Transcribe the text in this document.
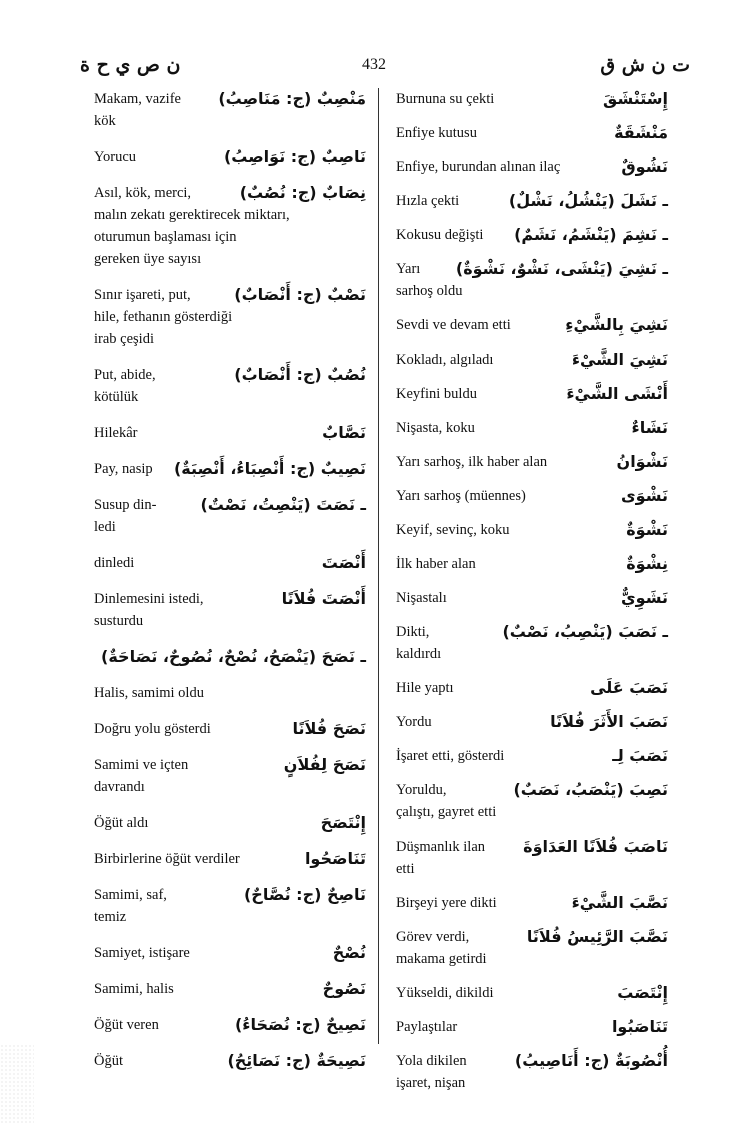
ن ص ي ح ة	432	ت ن ش ق
مَنْصِبٌ (ج: مَنَاصِبُ)
Makam, vazife
kök
نَاصِبٌ (ج: نَوَاصِبُ)
Yorucu
نِصَابٌ (ج: نُصُبٌ)
Asıl, kök, merci,
malın zekatı gerektirecek miktarı,
oturumun başlaması için
gereken üye sayısı
نَصْبٌ (ج: أَنْصَابٌ)
Sınır işareti, put,
hile, fethanın gösterdiği
irab çeşidi
نُصُبٌ (ج: أَنْصَابٌ)
Put, abide,
kötülük
نَصَّابٌ
Hilekâr
نَصِيبٌ (ج: أَنْصِبَاءُ، أَنْصِبَةٌ)
Pay, nasip
ـ نَصَتَ (يَنْصِتُ، نَصْتٌ)
Susup din-
ledi
أَنْصَتَ
dinledi
أَنْصَتَ فُلاَنًا
Dinlemesini istedi,
susturdu
ـ نَصَحَ (يَنْصَحُ، نُصْحٌ، نُصُوحٌ، نَصَاحَةٌ)
Halis, samimi oldu
نَصَحَ فُلاَنًا
Doğru yolu gösterdi
نَصَحَ لِفُلاَنٍ
Samimi ve içten
davrandı
إِنْتَصَحَ
Öğüt aldı
تَنَاصَحُوا
Birbirlerine öğüt verdiler
نَاصِحٌ (ج: نُصَّاحٌ)
Samimi, saf,
temiz
نُصْحٌ
Samiyet, istişare
نَصُوحٌ
Samimi, halis
نَصِيحٌ (ج: نُصَحَاءُ)
Öğüt veren
نَصِيحَةٌ (ج: نَصَائِحُ)
Öğüt
إِسْتَنْشَقَ
Burnuna su çekti
مَنْشَقَةٌ
Enfiye kutusu
نَشُوقٌ
Enfiye, burundan alınan ilaç
ـ نَشَلَ (يَنْشُلُ، نَشْلٌ)
Hızla çekti
ـ نَشِمَ (يَنْشَمُ، نَشَمٌ)
Kokusu değişti
ـ نَشِيَ (يَنْشَى، نَشْوٌ، نَشْوَةٌ)
Yarı
sarhoş oldu
نَشِيَ بِالشَّيْءِ
Sevdi ve devam etti
نَشِيَ الشَّيْءَ
Kokladı, algıladı
أَنْشَى الشَّيْءَ
Keyfini buldu
نَشَاءٌ
Nişasta, koku
نَشْوَانُ
Yarı sarhoş, ilk haber alan
نَشْوَى
Yarı sarhoş (müennes)
نَشْوَةٌ
Keyif, sevinç, koku
نِشْوَةٌ
İlk haber alan
نَشَوِيٌّ
Nişastalı
ـ نَصَبَ (يَنْصِبُ، نَصْبٌ)
Dikti,
kaldırdı
نَصَبَ عَلَى
Hile yaptı
نَصَبَ الأَثَرَ فُلاَنًا
Yordu
نَصَبَ لِـ
İşaret etti, gösterdi
نَصِبَ (يَنْصَبُ، نَصَبٌ)
Yoruldu,
çalıştı, gayret etti
نَاصَبَ فُلاَنًا العَدَاوَةَ
Düşmanlık ilan
etti
نَصَّبَ الشَّيْءَ
Birşeyi yere dikti
نَصَّبَ الرَّئِيسُ فُلاَنًا
Görev verdi,
makama getirdi
إِنْتَصَبَ
Yükseldi, dikildi
تَنَاصَبُوا
Paylaştılar
أُنْصُوبَةٌ (ج: أَنَاصِيبُ)
Yola dikilen
işaret, nişan
